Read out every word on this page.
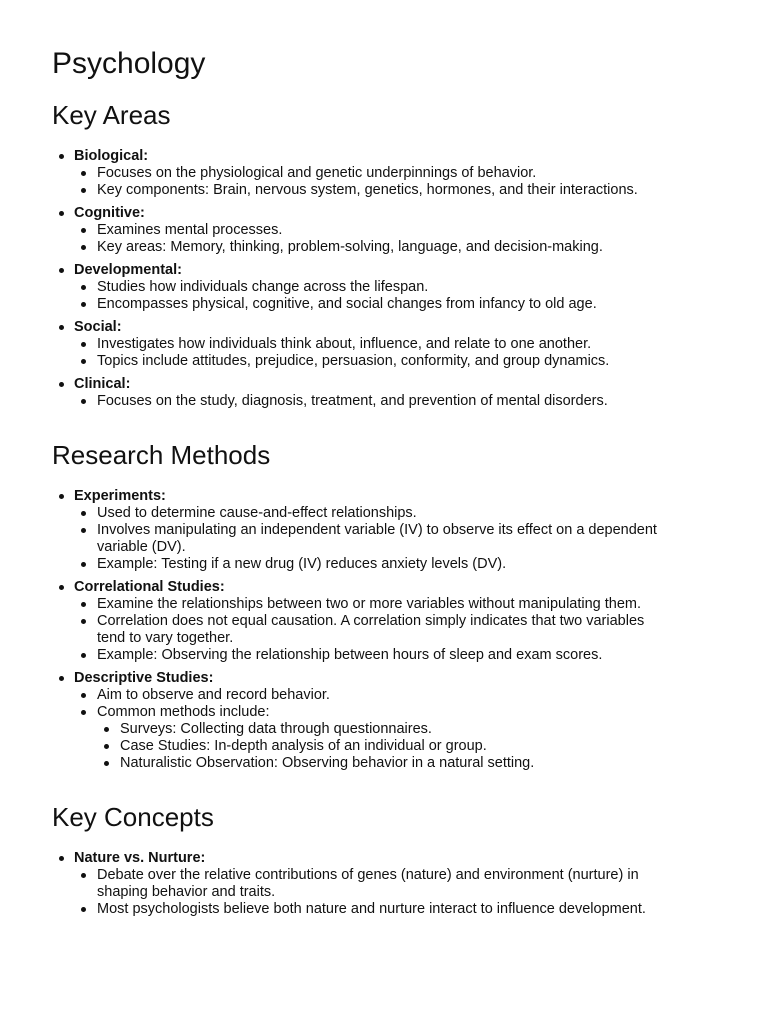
Psychology
Key Areas
Biological:
Focuses on the physiological and genetic underpinnings of behavior.
Key components: Brain, nervous system, genetics, hormones, and their interactions.
Cognitive:
Examines mental processes.
Key areas: Memory, thinking, problem-solving, language, and decision-making.
Developmental:
Studies how individuals change across the lifespan.
Encompasses physical, cognitive, and social changes from infancy to old age.
Social:
Investigates how individuals think about, influence, and relate to one another.
Topics include attitudes, prejudice, persuasion, conformity, and group dynamics.
Clinical:
Focuses on the study, diagnosis, treatment, and prevention of mental disorders.
Research Methods
Experiments:
Used to determine cause-and-effect relationships.
Involves manipulating an independent variable (IV) to observe its effect on a dependent variable (DV).
Example: Testing if a new drug (IV) reduces anxiety levels (DV).
Correlational Studies:
Examine the relationships between two or more variables without manipulating them.
Correlation does not equal causation. A correlation simply indicates that two variables tend to vary together.
Example: Observing the relationship between hours of sleep and exam scores.
Descriptive Studies:
Aim to observe and record behavior.
Common methods include:
Surveys: Collecting data through questionnaires.
Case Studies: In-depth analysis of an individual or group.
Naturalistic Observation: Observing behavior in a natural setting.
Key Concepts
Nature vs. Nurture:
Debate over the relative contributions of genes (nature) and environment (nurture) in shaping behavior and traits.
Most psychologists believe both nature and nurture interact to influence development.
